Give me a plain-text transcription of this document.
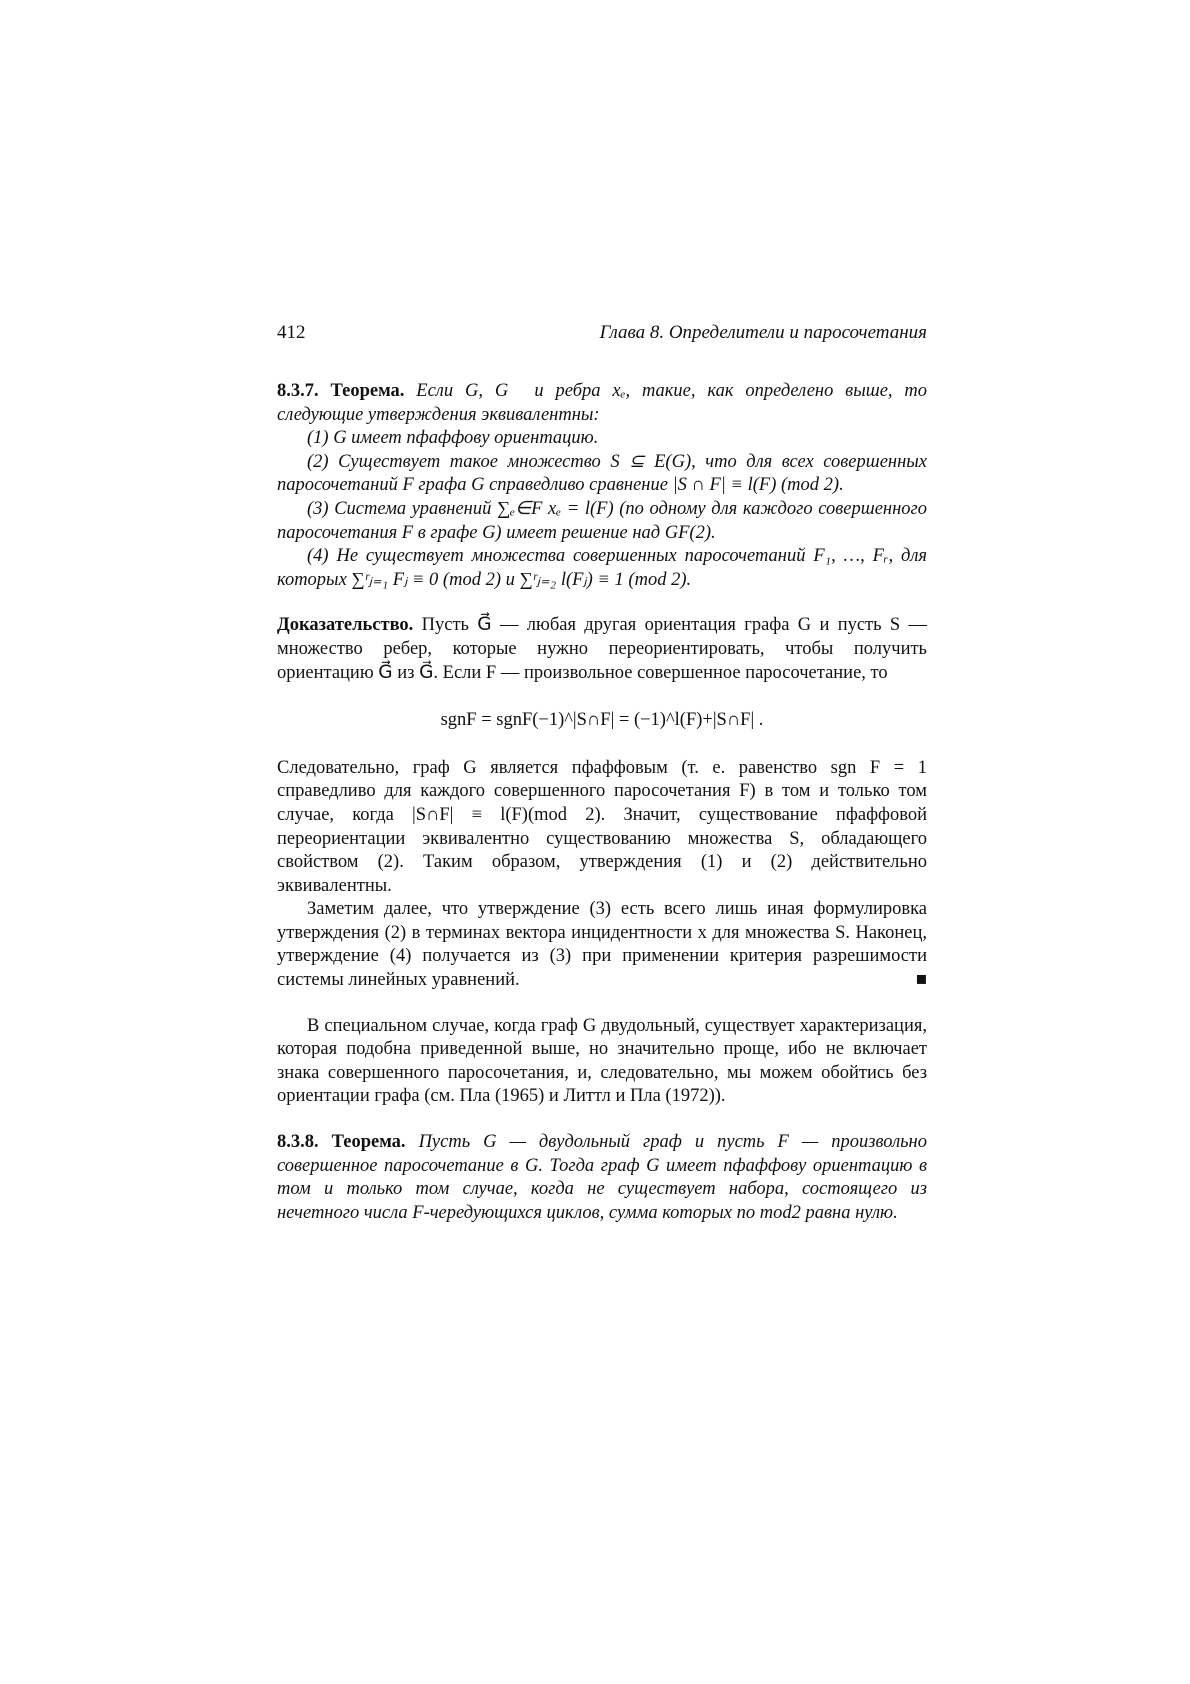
412	Глава 8. Определители и паросочетания

8.3.7. Теорема. Если G, G⃗ и ребра xₑ, такие, как определено выше, то следующие утверждения эквивалентны:

(1) G имеет пфаффову ориентацию.

(2) Существует такое множество S ⊆ E(G), что для всех совершенных паросочетаний F графа G справедливо сравнение |S ∩ F| ≡ l(F) (mod 2).

(3) Система уравнений ∑ₑ∈F xₑ = l(F) (по одному для каждого совершенного паросочетания F в графе G) имеет решение над GF(2).

(4) Не существует множества совершенных паросочетаний F₁, …, Fᵣ, для которых ∑ʳⱼ₌₁ Fⱼ ≡ 0 (mod 2) и ∑ʳⱼ₌₂ l(Fⱼ) ≡ 1 (mod 2).

Доказательство. Пусть G⃗⃗ — любая другая ориентация графа G и пусть S — множество ребер, которые нужно переориентировать, чтобы получить ориентацию G⃗⃗ из G⃗. Если F — произвольное совершенное паросочетание, то

sgnF = sgnF(−1)^|S∩F| = (−1)^l(F)+|S∩F| .

Следовательно, граф G является пфаффовым (т. е. равенство sgn F = 1 справедливо для каждого совершенного паросочетания F) в том и только том случае, когда |S∩F| ≡ l(F)(mod 2). Значит, существование пфаффовой переориентации эквивалентно существованию множества S, обладающего свойством (2). Таким образом, утверждения (1) и (2) действительно эквивалентны.

Заметим далее, что утверждение (3) есть всего лишь иная формулировка утверждения (2) в терминах вектора инцидентности x для множества S. Наконец, утверждение (4) получается из (3) при применении критерия разрешимости системы линейных уравнений.	■

В специальном случае, когда граф G двудольный, существует характеризация, которая подобна приведенной выше, но значительно проще, ибо не включает знака совершенного паросочетания, и, следовательно, мы можем обойтись без ориентации графа (см. Пла (1965) и Литтл и Пла (1972)).

8.3.8. Теорема. Пусть G — двудольный граф и пусть F — произвольно совершенное паросочетание в G. Тогда граф G имеет пфаффову ориентацию в том и только том случае, когда не существует набора, состоящего из нечетного числа F-чередующихся циклов, сумма которых по mod2 равна нулю.
